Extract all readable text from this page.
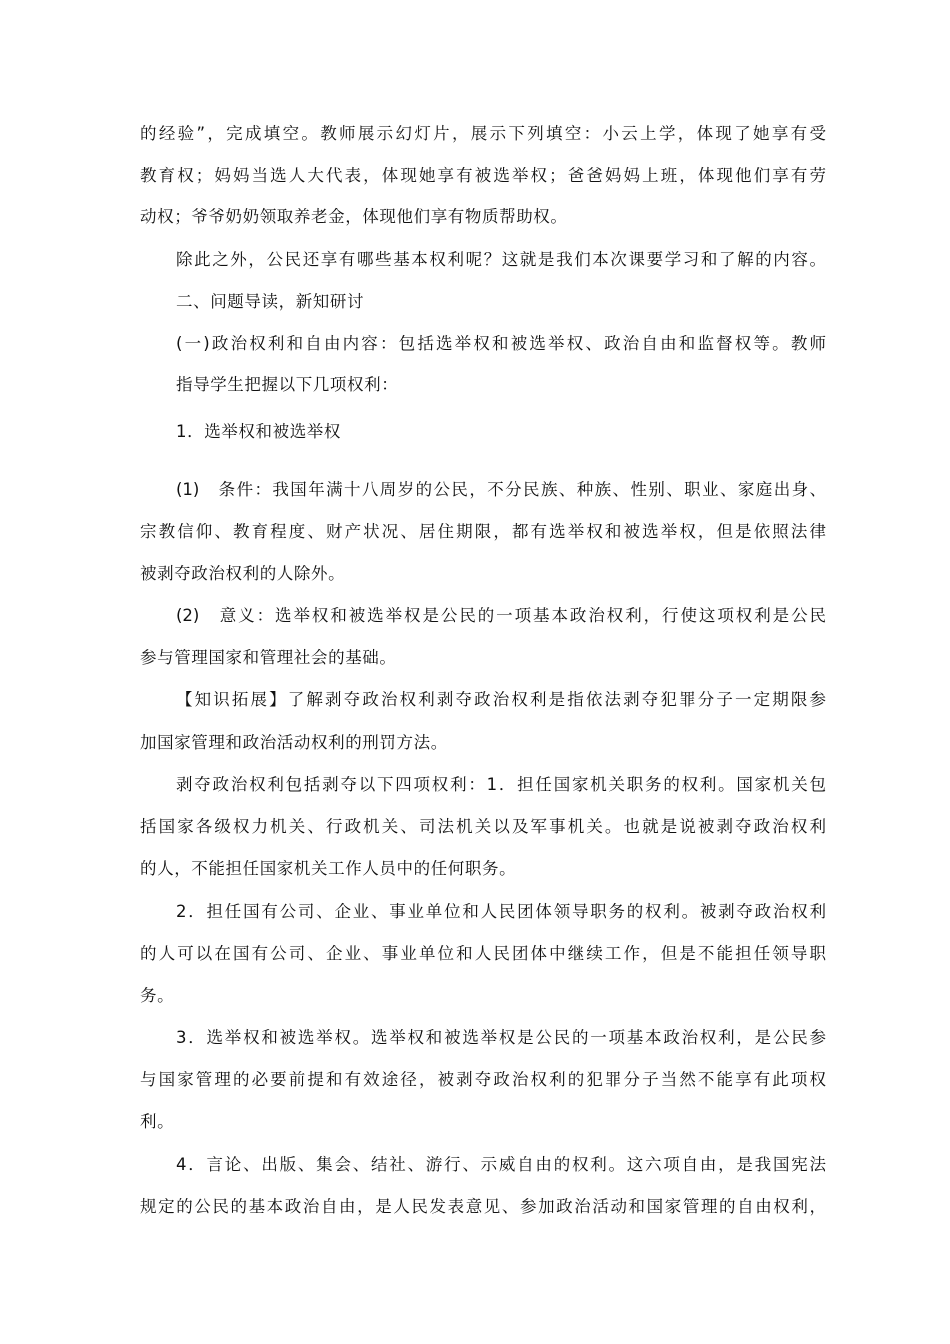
的经验”，完成填空。教师展示幻灯片，展示下列填空：小云上学，体现了她享有受
教育权；妈妈当选人大代表，体现她享有被选举权；爸爸妈妈上班，体现他们享有劳
动权；爷爷奶奶领取养老金，体现他们享有物质帮助权。
除此之外，公民还享有哪些基本权利呢？这就是我们本次课要学习和了解的内容。
二、问题导读，新知研讨
(一)政治权利和自由内容：包括选举权和被选举权、政治自由和监督权等。教师
指导学生把握以下几项权利：
1．选举权和被选举权
(1)　条件：我国年满十八周岁的公民，不分民族、种族、性别、职业、家庭出身、
宗教信仰、教育程度、财产状况、居住期限，都有选举权和被选举权，但是依照法律
被剥夺政治权利的人除外。
(2)　意义：选举权和被选举权是公民的一项基本政治权利，行使这项权利是公民
参与管理国家和管理社会的基础。
【知识拓展】了解剥夺政治权利剥夺政治权利是指依法剥夺犯罪分子一定期限参
加国家管理和政治活动权利的刑罚方法。
剥夺政治权利包括剥夺以下四项权利：1．担任国家机关职务的权利。国家机关包
括国家各级权力机关、行政机关、司法机关以及军事机关。也就是说被剥夺政治权利
的人，不能担任国家机关工作人员中的任何职务。
2．担任国有公司、企业、事业单位和人民团体领导职务的权利。被剥夺政治权利
的人可以在国有公司、企业、事业单位和人民团体中继续工作，但是不能担任领导职
务。
3．选举权和被选举权。选举权和被选举权是公民的一项基本政治权利，是公民参
与国家管理的必要前提和有效途径，被剥夺政治权利的犯罪分子当然不能享有此项权
利。
4．言论、出版、集会、结社、游行、示威自由的权利。这六项自由，是我国宪法
规定的公民的基本政治自由，是人民发表意见、参加政治活动和国家管理的自由权利，
